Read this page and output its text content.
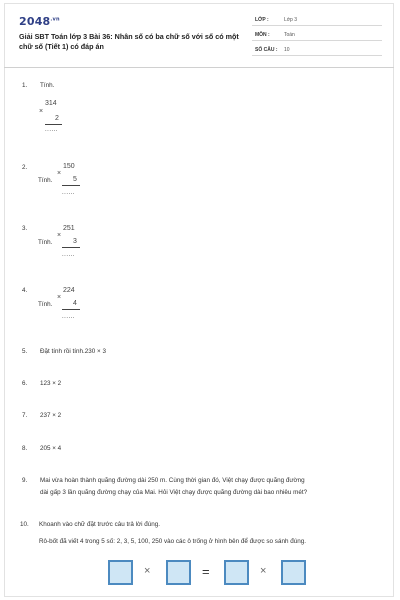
$2048^{.vn}$
Giải SBT Toán lớp 3 Bài 36: Nhân số có ba chữ số với số có một chữ số (Tiết 1) có đáp án
LỚP :	Lớp 3
MÔN :	Toán
SỐ CÂU : 10
1. Tính.
314
×
2
......
2.
Tính.
150
×
5
......
3.
Tính.
251
×
3
......
4.
Tính.
224
×
4
......
5. Đặt tính rồi tính.230 × 3
6. 123 × 2
7. 237 × 2
8. 205 × 4
9. Mai vừa hoàn thành quãng đường dài 250 m. Cùng thời gian đó, Việt chạy được quãng đường
dài gấp 3 lần quãng đường chạy của Mai. Hỏi Việt chạy được quãng đường dài bao nhiêu mét?
10. Khoanh vào chữ đặt trước câu trả lời đúng.
Rô-bốt đã viết 4 trong 5 số: 2, 3, 5, 100, 250 vào các ô trống ở hình bên để được so sánh đúng.
×	=	×
